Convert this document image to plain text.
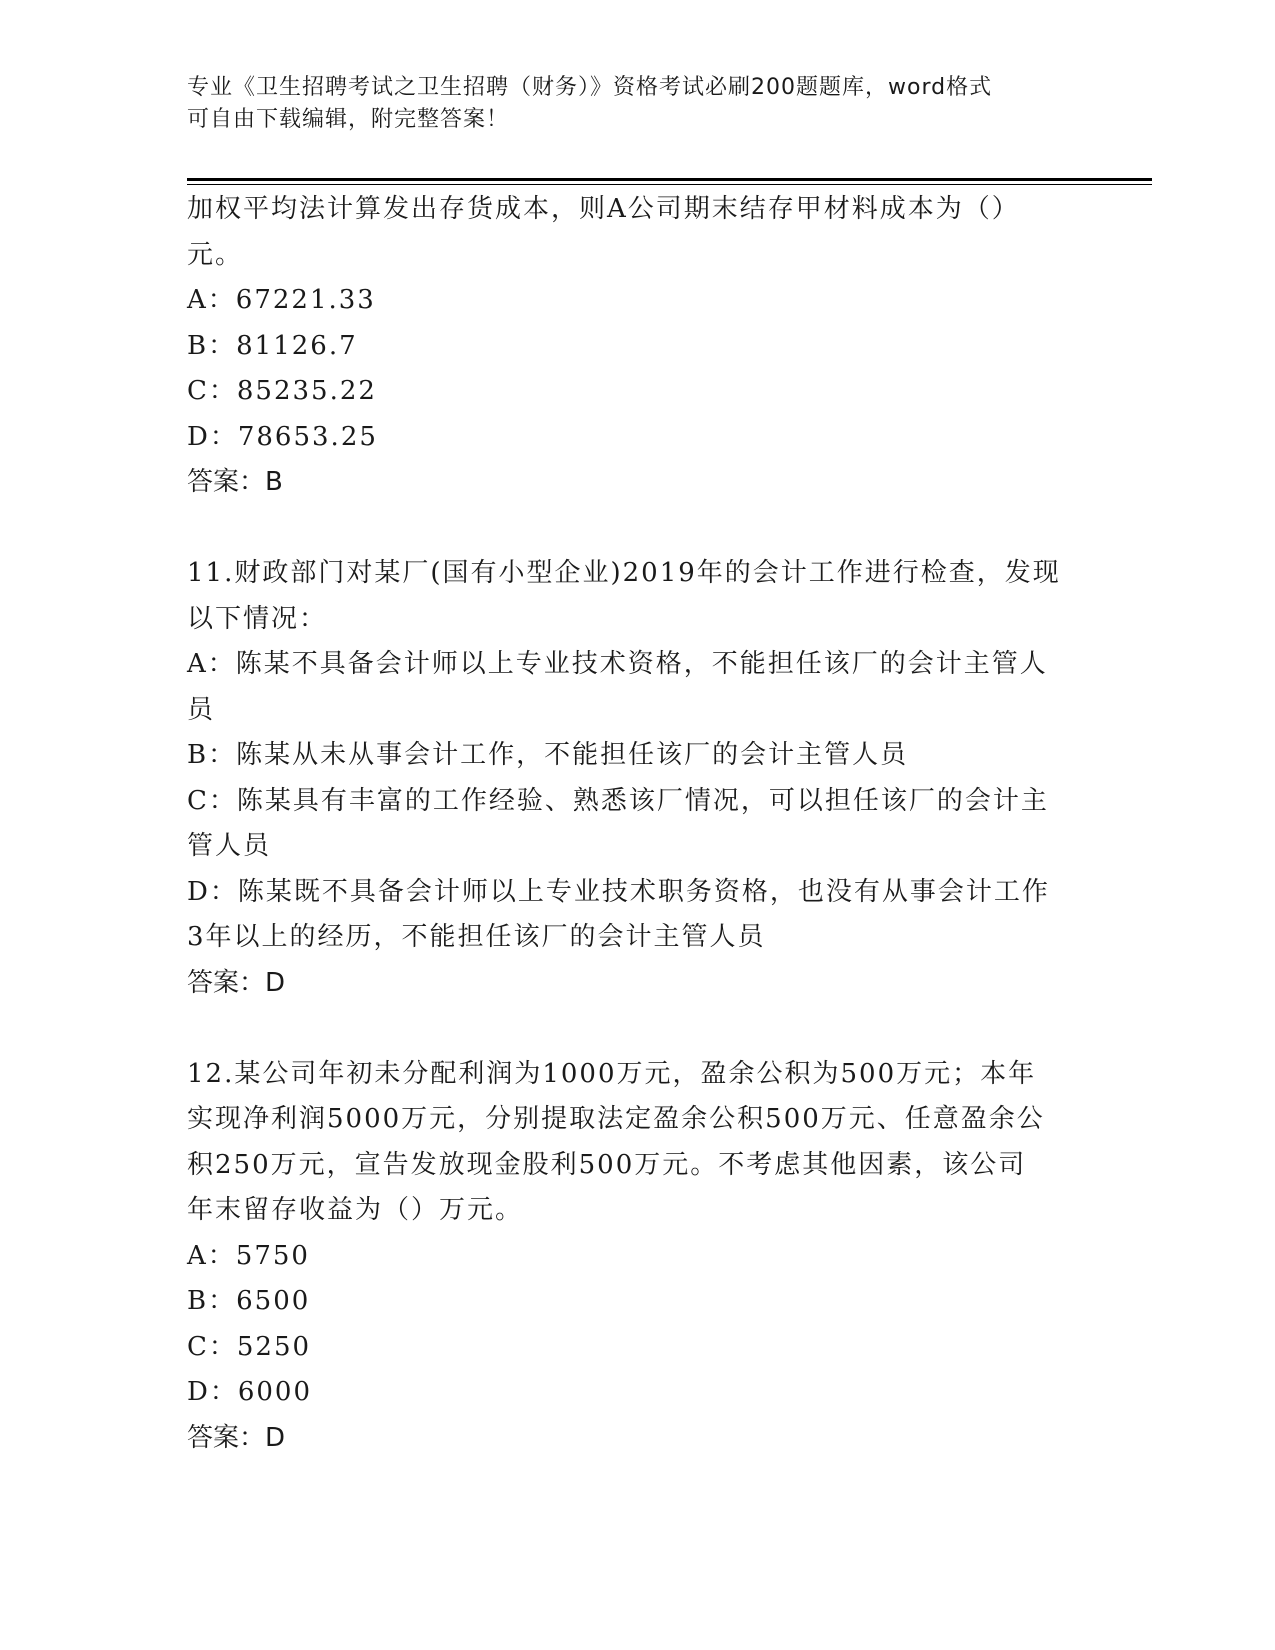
专业《卫生招聘考试之卫生招聘（财务）》资格考试必刷200题题库，word格式
可自由下载编辑，附完整答案！
加权平均法计算发出存货成本，则A公司期末结存甲材料成本为（）
元。
A：67221.33
B：81126.7
C：85235.22
D：78653.25
答案：B
11.财政部门对某厂(国有小型企业)2019年的会计工作进行检查，发现
以下情况：
A：陈某不具备会计师以上专业技术资格，不能担任该厂的会计主管人
员
B：陈某从未从事会计工作，不能担任该厂的会计主管人员
C：陈某具有丰富的工作经验、熟悉该厂情况，可以担任该厂的会计主
管人员
D：陈某既不具备会计师以上专业技术职务资格，也没有从事会计工作
3年以上的经历，不能担任该厂的会计主管人员
答案：D
12.某公司年初未分配利润为1000万元，盈余公积为500万元；本年
实现净利润5000万元，分别提取法定盈余公积500万元、任意盈余公
积250万元，宣告发放现金股利500万元。不考虑其他因素，该公司
年末留存收益为（）万元。
A：5750
B：6500
C：5250
D：6000
答案：D
